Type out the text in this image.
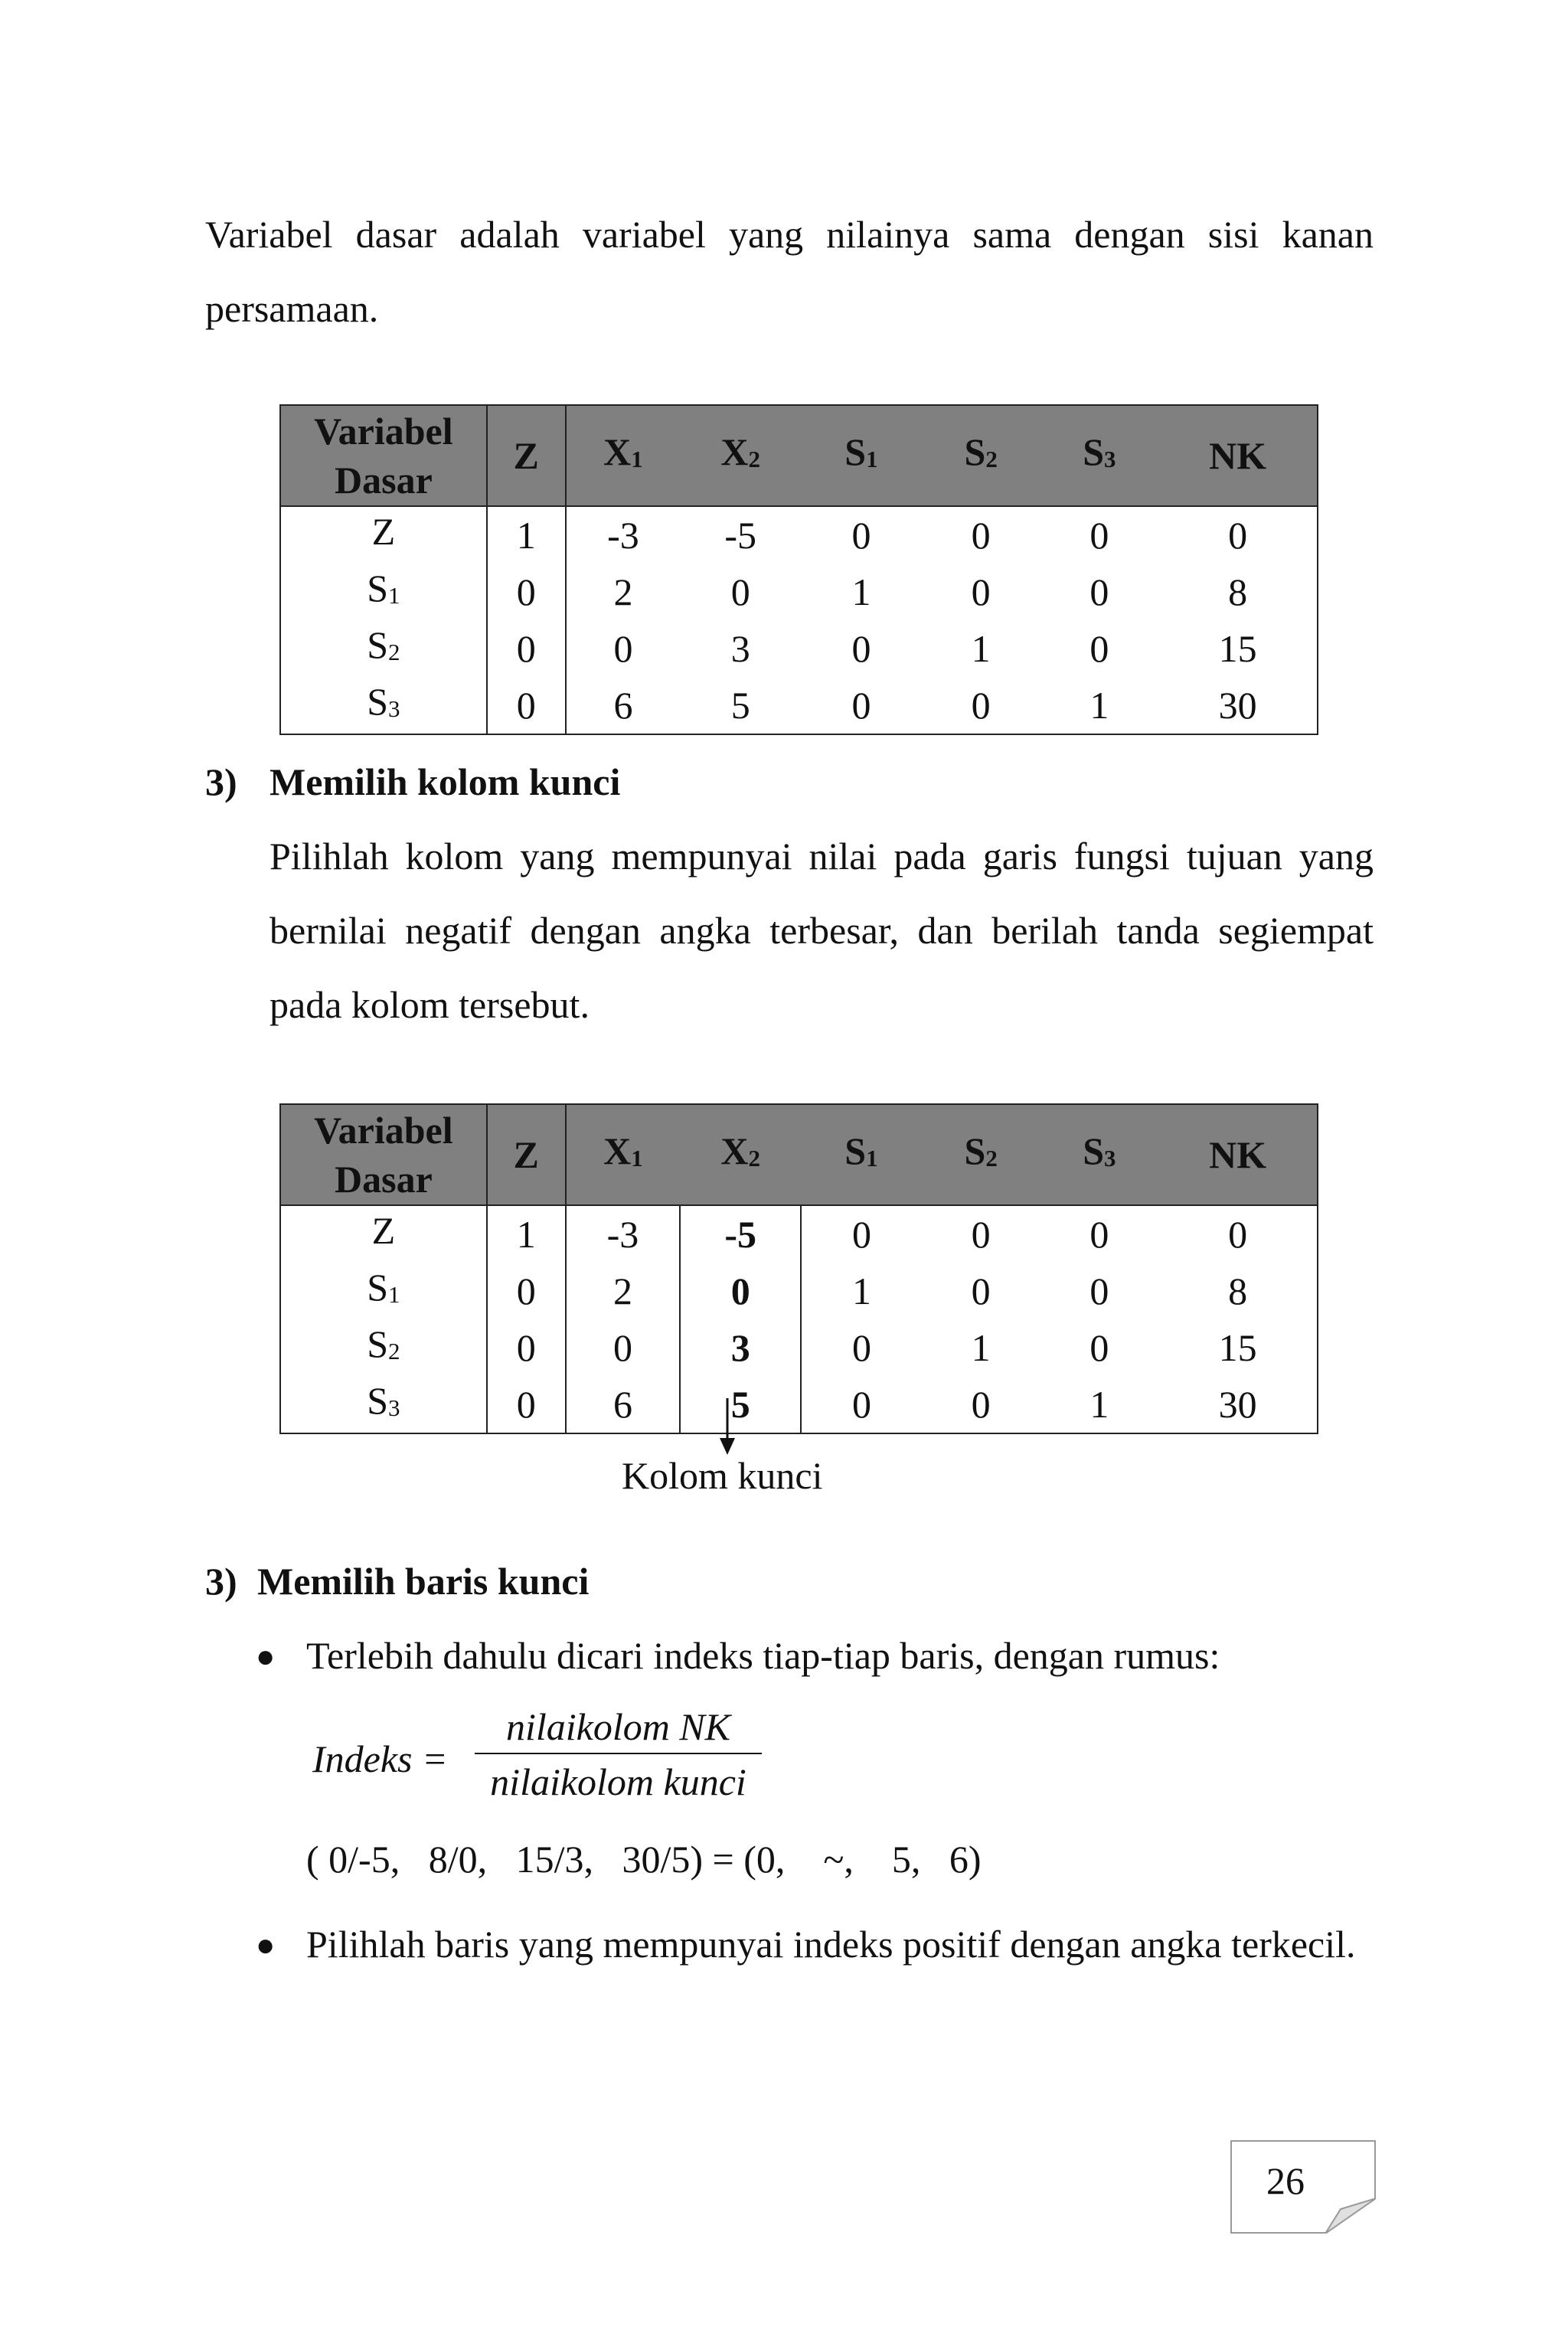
Variabel dasar adalah variabel yang nilainya sama dengan sisi kanan persamaan.

Variabel
Dasar	Z	X1	X2	S1	S2	S3	NK
Z	1	-3	-5	0	0	0	0
S1	0	2	0	1	0	0	8
S2	0	0	3	0	1	0	15
S3	0	6	5	0	0	1	30

3) Memilih kolom kunci

Pilihlah kolom yang mempunyai nilai pada garis fungsi tujuan yang bernilai negatif dengan angka terbesar, dan berilah tanda segiempat pada kolom tersebut.

Variabel
Dasar	Z	X1	X2	S1	S2	S3	NK
Z	1	-3	-5	0	0	0	0
S1	0	2	0	1	0	0	8
S2	0	0	3	0	1	0	15
S3	0	6	5	0	0	1	30
Kolom kunci

3) Memilih baris kunci

● Terlebih dahulu dicari indeks tiap-tiap baris, dengan rumus:

Indeks =
nilaikolom NK
nilaikolom kunci
( 0/-5,   8/0,   15/3,   30/5) = (0,    ~,    5,   6)

● Pilihlah baris yang mempunyai indeks positif dengan angka terkecil.

26
